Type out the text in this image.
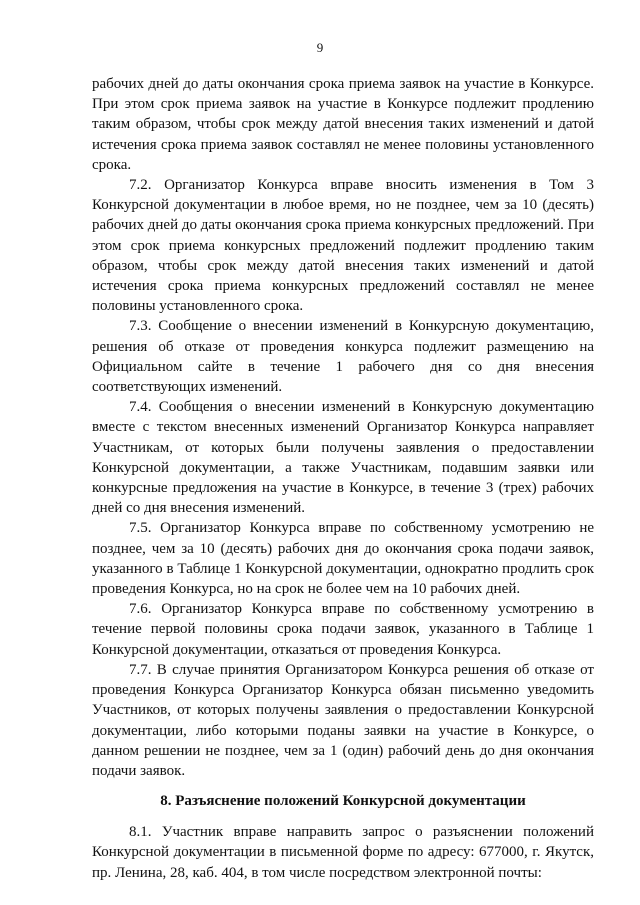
9

рабочих дней до даты окончания срока приема заявок на участие в Конкурсе. При этом срок приема заявок на участие в Конкурсе подлежит продлению таким образом, чтобы срок между датой внесения таких изменений и датой истечения срока приема заявок составлял не менее половины установленного срока.

7.2. Организатор Конкурса вправе вносить изменения в Том 3 Конкурсной документации в любое время, но не позднее, чем за 10 (десять) рабочих дней до даты окончания срока приема конкурсных предложений. При этом срок приема конкурсных предложений подлежит продлению таким образом, чтобы срок между датой внесения таких изменений и датой истечения срока приема конкурсных предложений составлял не менее половины установленного срока.

7.3. Сообщение о внесении изменений в Конкурсную документацию, решения об отказе от проведения конкурса подлежит размещению на Официальном сайте в течение 1 рабочего дня со дня внесения соответствующих изменений.

7.4. Сообщения о внесении изменений в Конкурсную документацию вместе с текстом внесенных изменений Организатор Конкурса направляет Участникам, от которых были получены заявления о предоставлении Конкурсной документации, а также Участникам, подавшим заявки или конкурсные предложения на участие в Конкурсе, в течение 3 (трех) рабочих дней со дня внесения изменений.

7.5. Организатор Конкурса вправе по собственному усмотрению не позднее, чем за 10 (десять) рабочих дня до окончания срока подачи заявок, указанного в Таблице 1 Конкурсной документации, однократно продлить срок проведения Конкурса, но на срок не более чем на 10 рабочих дней.

7.6. Организатор Конкурса вправе по собственному усмотрению в течение первой половины срока подачи заявок, указанного в Таблице 1 Конкурсной документации, отказаться от проведения Конкурса.

7.7. В случае принятия Организатором Конкурса решения об отказе от проведения Конкурса Организатор Конкурса обязан письменно уведомить Участников, от которых получены заявления о предоставлении Конкурсной документации, либо которыми поданы заявки на участие в Конкурсе, о данном решении не позднее, чем за 1 (один) рабочий день до дня окончания подачи заявок.

8. Разъяснение положений Конкурсной документации

8.1. Участник вправе направить запрос о разъяснении положений Конкурсной документации в письменной форме по адресу: 677000, г. Якутск, пр. Ленина, 28, каб. 404, в том числе посредством электронной почты:
